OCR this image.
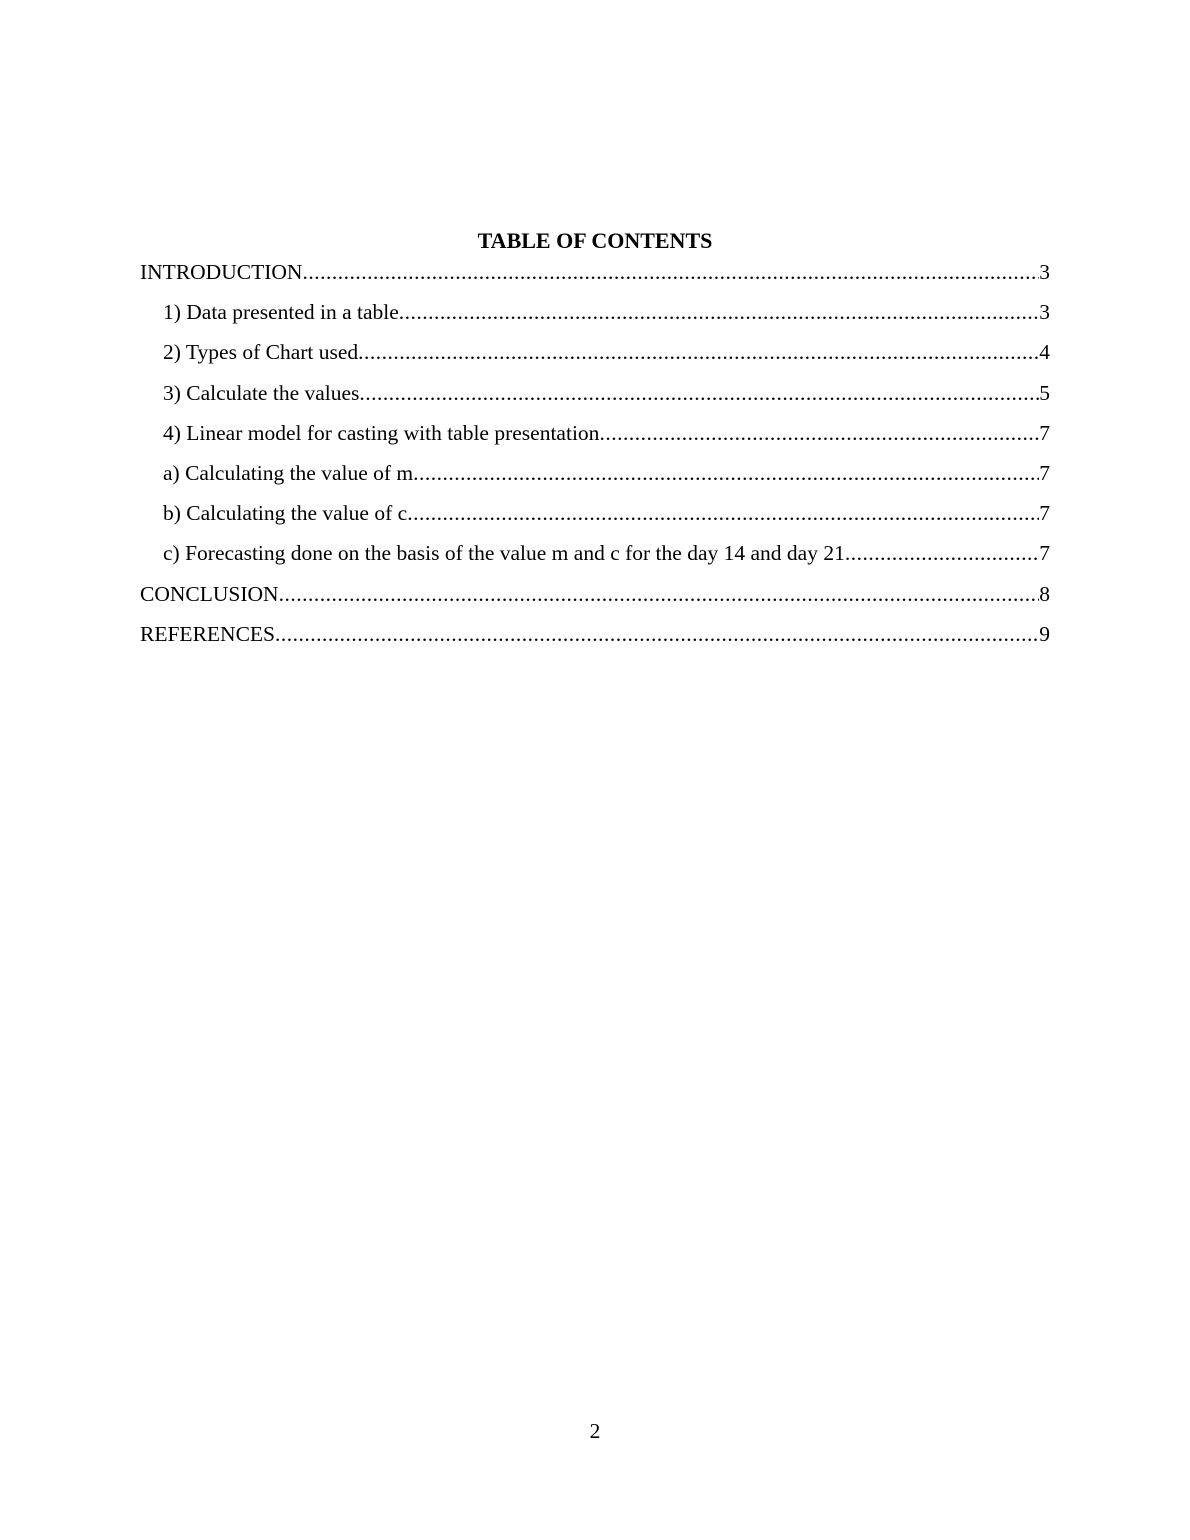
TABLE OF CONTENTS
INTRODUCTION .....	3
1) Data presented in a table .....	3
2) Types of Chart used .....	4
3) Calculate the values .....	5
4) Linear model for casting with table presentation .....	7
a) Calculating the value of m .....	7
b) Calculating the value of c .....	7
c) Forecasting done on the basis of the value m and c for the day 14 and day 21 .....	7
CONCLUSION .....	8
REFERENCES .....	9
2
